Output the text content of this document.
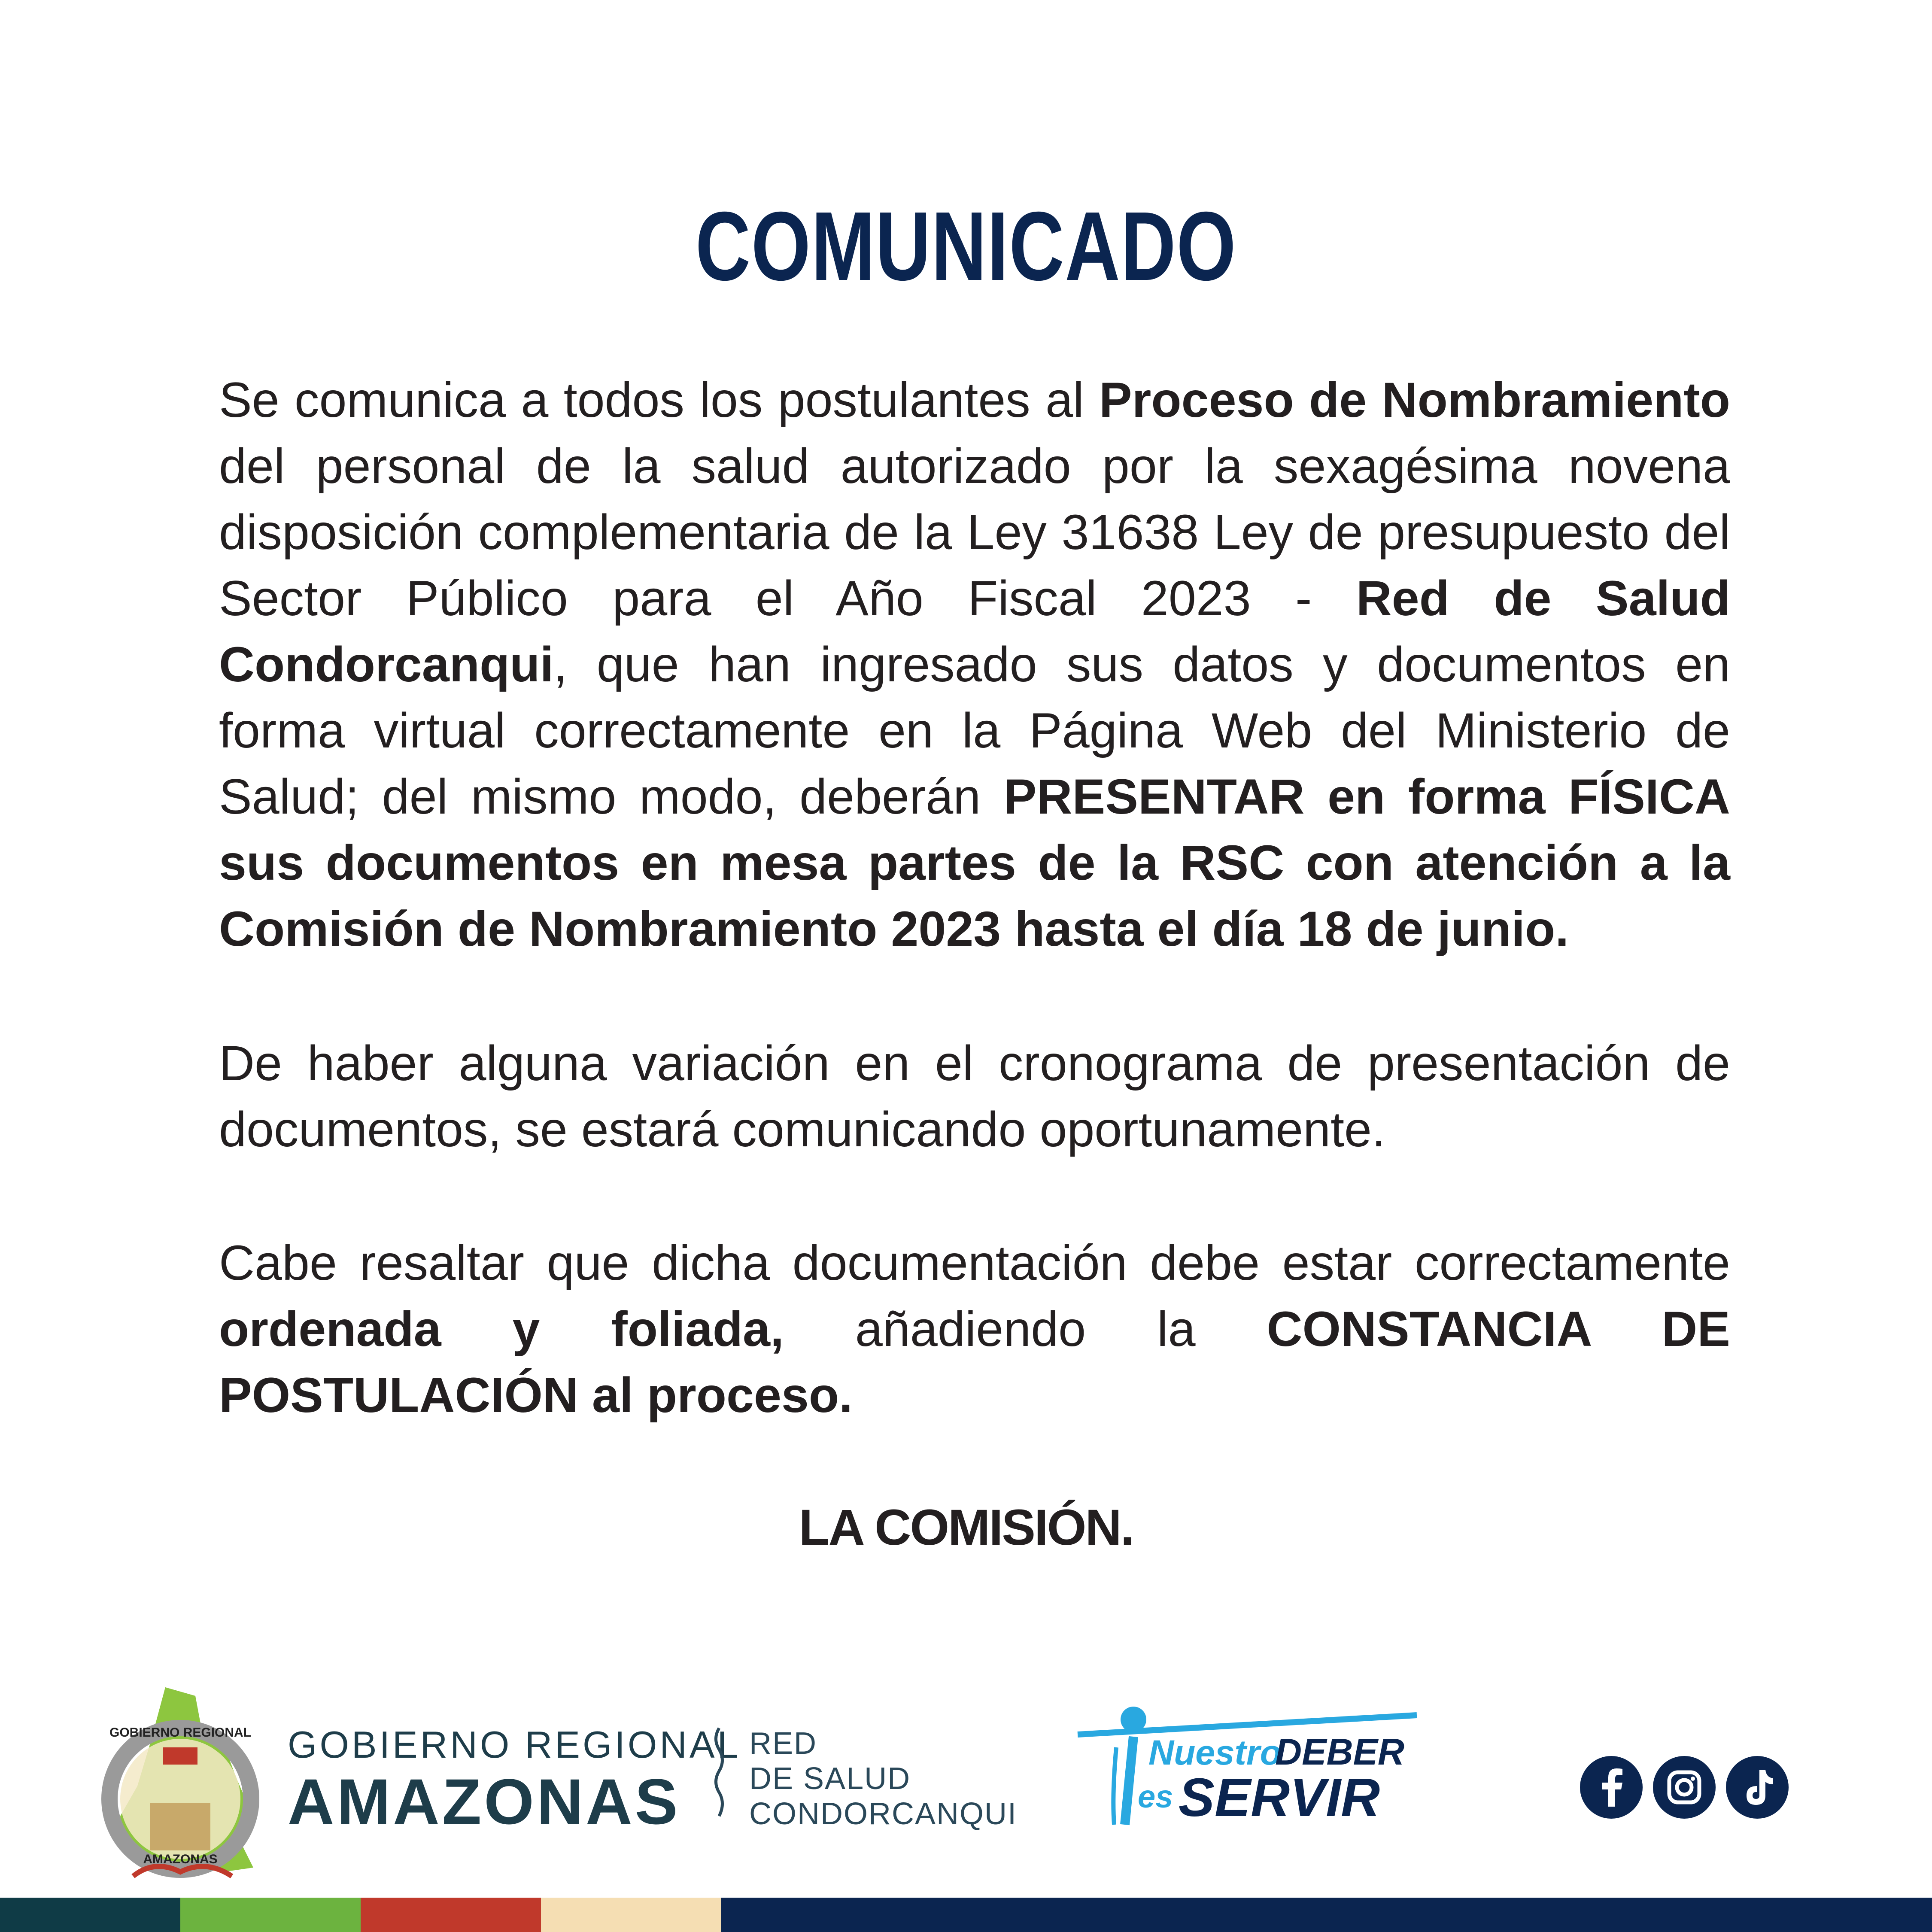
COMUNICADO
Se comunica a todos los postulantes al Proceso de Nombramiento del personal de la salud autorizado por la sexagésima novena disposición complementaria de la Ley 31638 Ley de presupuesto del Sector Público para el Año Fiscal 2023 - Red de Salud Condorcanqui, que han ingresado sus datos y documentos en forma virtual correctamente en la Página Web del Ministerio de Salud; del mismo modo, deberán PRESENTAR en forma FÍSICA sus documentos en mesa partes de la RSC con atención a la Comisión de Nombramiento 2023 hasta el día 18 de junio.
De haber alguna variación en el cronograma de presentación de documentos, se estará comunicando oportunamente.
Cabe resaltar que dicha documentación debe estar correctamente ordenada y foliada, añadiendo la CONSTANCIA DE POSTULACIÓN al proceso.
LA COMISIÓN.
GOBIERNO REGIONAL
AMAZONAS
GOBIERNO REGIONAL
AMAZONAS
RED
DE SALUD
CONDORCANQUI
Nuestro
DEBER
es SERVIR
